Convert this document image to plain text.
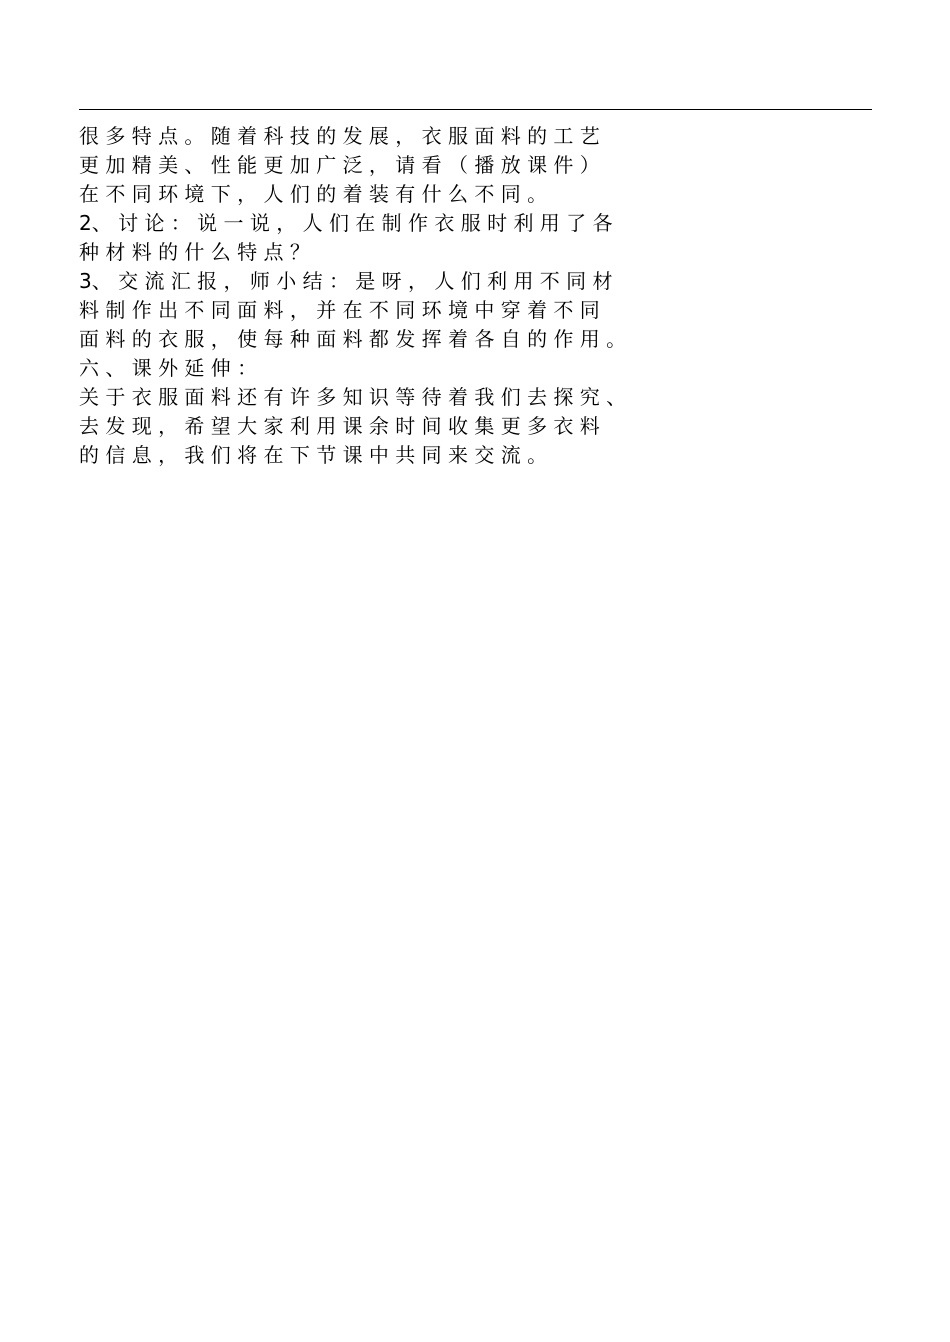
很 多 特 点 。 随 着 科 技 的 发 展 ， 衣 服 面 料 的 工 艺
更 加 精 美 、 性 能 更 加 广 泛 ， 请 看 （ 播 放 课 件 ）
在 不 同 环 境 下 ， 人 们 的 着 装 有 什 么 不 同 。
2、 讨 论 ： 说 一 说 ， 人 们 在 制 作 衣 服 时 利 用 了 各
种 材 料 的 什 么 特 点 ？
3、 交 流 汇 报 ， 师 小 结 ： 是 呀 ， 人 们 利 用 不 同 材
料 制 作 出 不 同 面 料 ， 并 在 不 同 环 境 中 穿 着 不 同
面 料 的 衣 服 ， 使 每 种 面 料 都 发 挥 着 各 自 的 作 用 。
六 、 课 外 延 伸 ：
关 于 衣 服 面 料 还 有 许 多 知 识 等 待 着 我 们 去 探 究 、
去 发 现 ， 希 望 大 家 利 用 课 余 时 间 收 集 更 多 衣 料
的 信 息 ， 我 们 将 在 下 节 课 中 共 同 来 交 流 。
